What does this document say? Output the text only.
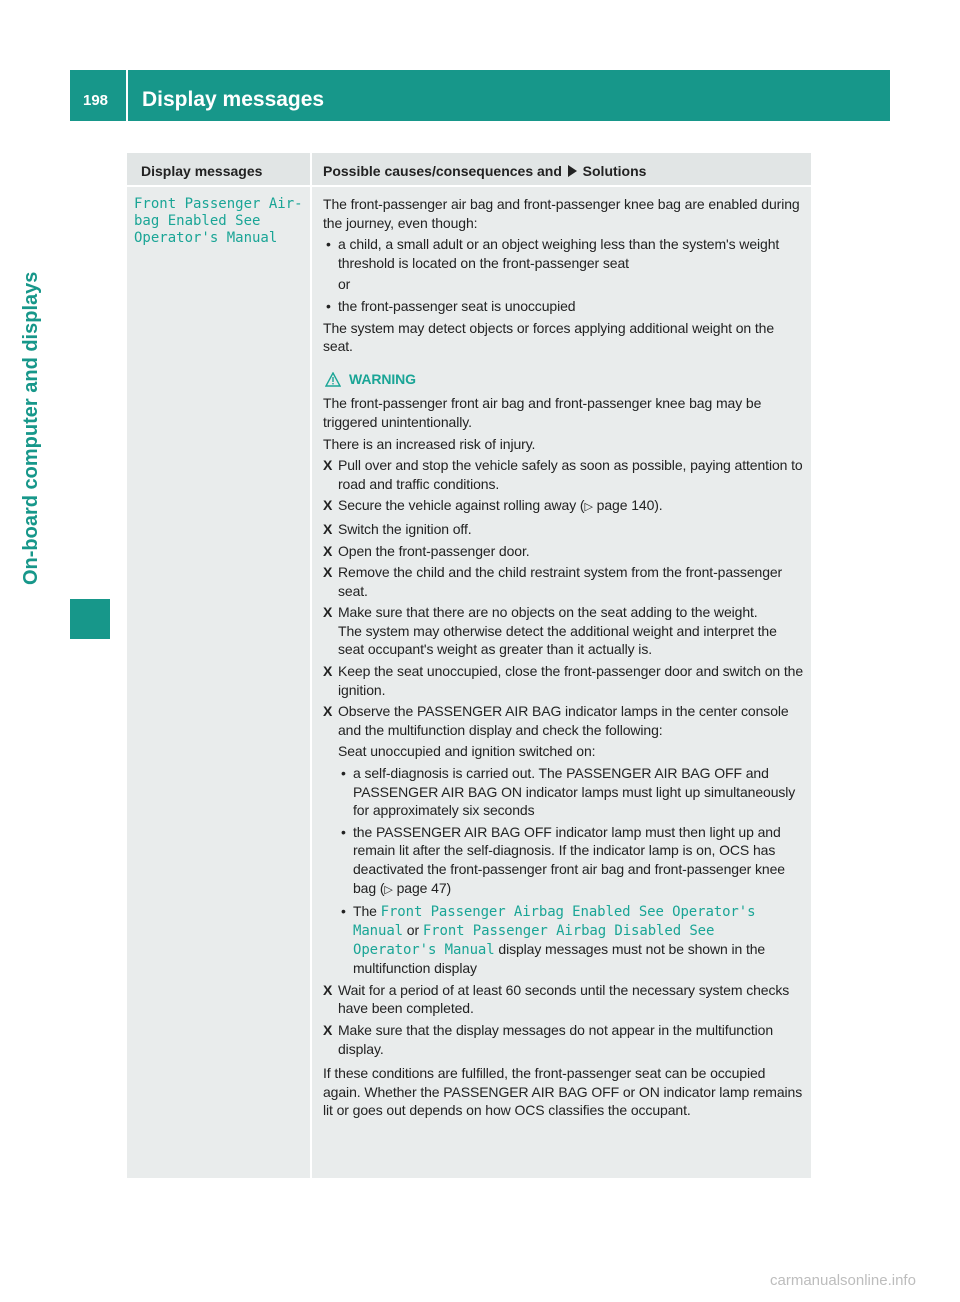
198 Display messages
On-board computer and displays
Display messages	Possible causes/consequences and Solutions
Front Passenger Air‐
bag Enabled See
Operator's Manual

The front-passenger air bag and front-passenger knee bag are enabled during the journey, even though:

• a child, a small adult or an object weighing less than the system's weight threshold is located on the front-passenger seat
or
• the front-passenger seat is unoccupied

The system may detect objects or forces applying additional weight on the seat.

WARNING

The front-passenger front air bag and front-passenger knee bag may be triggered unintentionally.

There is an increased risk of injury.

X Pull over and stop the vehicle safely as soon as possible, paying attention to road and traffic conditions.
X Secure the vehicle against rolling away (▷ page 140).
X Switch the ignition off.
X Open the front-passenger door.
X Remove the child and the child restraint system from the front-passenger seat.
X Make sure that there are no objects on the seat adding to the weight.
The system may otherwise detect the additional weight and interpret the seat occupant's weight as greater than it actually is.
X Keep the seat unoccupied, close the front-passenger door and switch on the ignition.
X Observe the PASSENGER AIR BAG indicator lamps in the center console and the multifunction display and check the following:
Seat unoccupied and ignition switched on:
• a self-diagnosis is carried out. The PASSENGER AIR BAG OFF and PASSENGER AIR BAG ON indicator lamps must light up simultaneously for approximately six seconds
• the PASSENGER AIR BAG OFF indicator lamp must then light up and remain lit after the self-diagnosis. If the indicator lamp is on, OCS has deactivated the front-passenger front air bag and front-passenger knee bag (▷ page 47)
• The Front Passenger Airbag Enabled See Operator's Manual or Front Passenger Airbag Disabled See Operator's Manual display messages must not be shown in the multifunction display
X Wait for a period of at least 60 seconds until the necessary system checks have been completed.
X Make sure that the display messages do not appear in the multifunction display.

If these conditions are fulfilled, the front-passenger seat can be occupied again. Whether the PASSENGER AIR BAG OFF or ON indicator lamp remains lit or goes out depends on how OCS classifies the occupant.

carmanualsonline.info
